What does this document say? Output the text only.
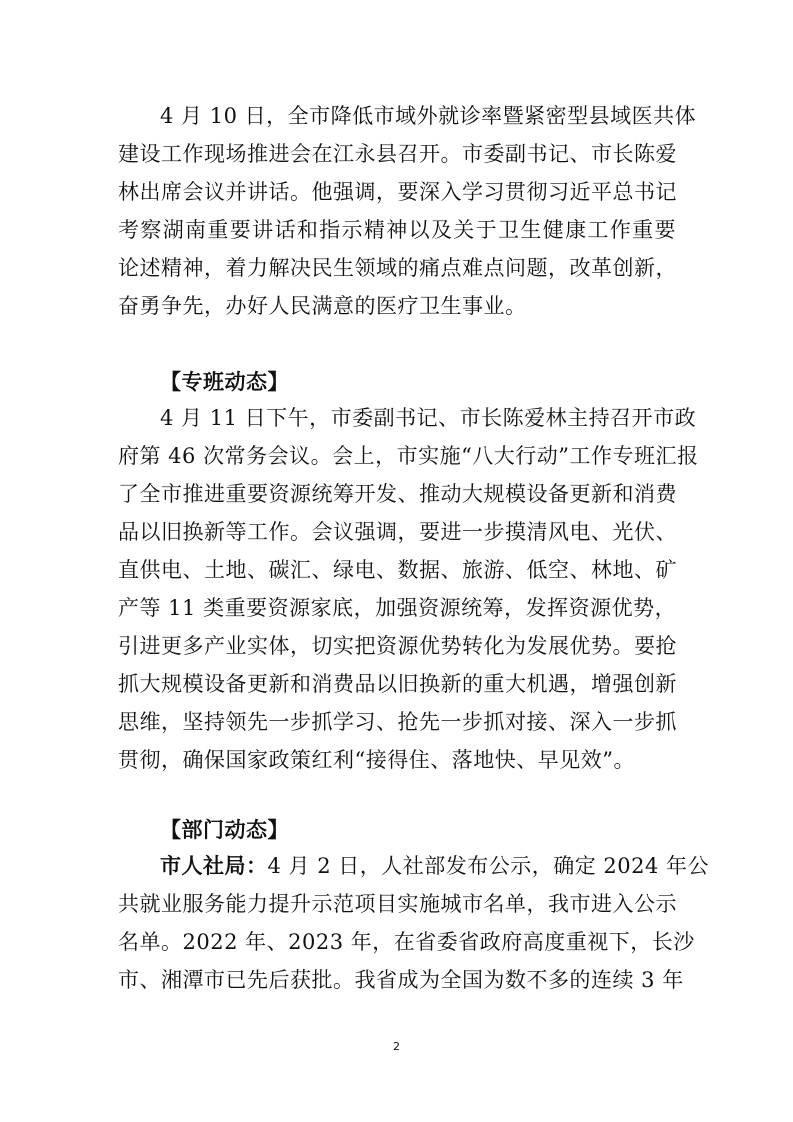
4 月 10 日，全市降低市域外就诊率暨紧密型县域医共体
建设工作现场推进会在江永县召开。市委副书记、市长陈爱
林出席会议并讲话。他强调，要深入学习贯彻习近平总书记
考察湖南重要讲话和指示精神以及关于卫生健康工作重要
论述精神，着力解决民生领域的痛点难点问题，改革创新，
奋勇争先，办好人民满意的医疗卫生事业。
【专班动态】
4 月 11 日下午，市委副书记、市长陈爱林主持召开市政
府第 46 次常务会议。会上，市实施“八大行动”工作专班汇报
了全市推进重要资源统筹开发、推动大规模设备更新和消费
品以旧换新等工作。会议强调，要进一步摸清风电、光伏、
直供电、土地、碳汇、绿电、数据、旅游、低空、林地、矿
产等 11 类重要资源家底，加强资源统筹，发挥资源优势，
引进更多产业实体，切实把资源优势转化为发展优势。要抢
抓大规模设备更新和消费品以旧换新的重大机遇，增强创新
思维，坚持领先一步抓学习、抢先一步抓对接、深入一步抓
贯彻，确保国家政策红利“接得住、落地快、早见效”。
【部门动态】
市人社局：4 月 2 日，人社部发布公示，确定 2024 年公
共就业服务能力提升示范项目实施城市名单，我市进入公示
名单。2022 年、2023 年，在省委省政府高度重视下，长沙
市、湘潭市已先后获批。我省成为全国为数不多的连续 3 年
2
